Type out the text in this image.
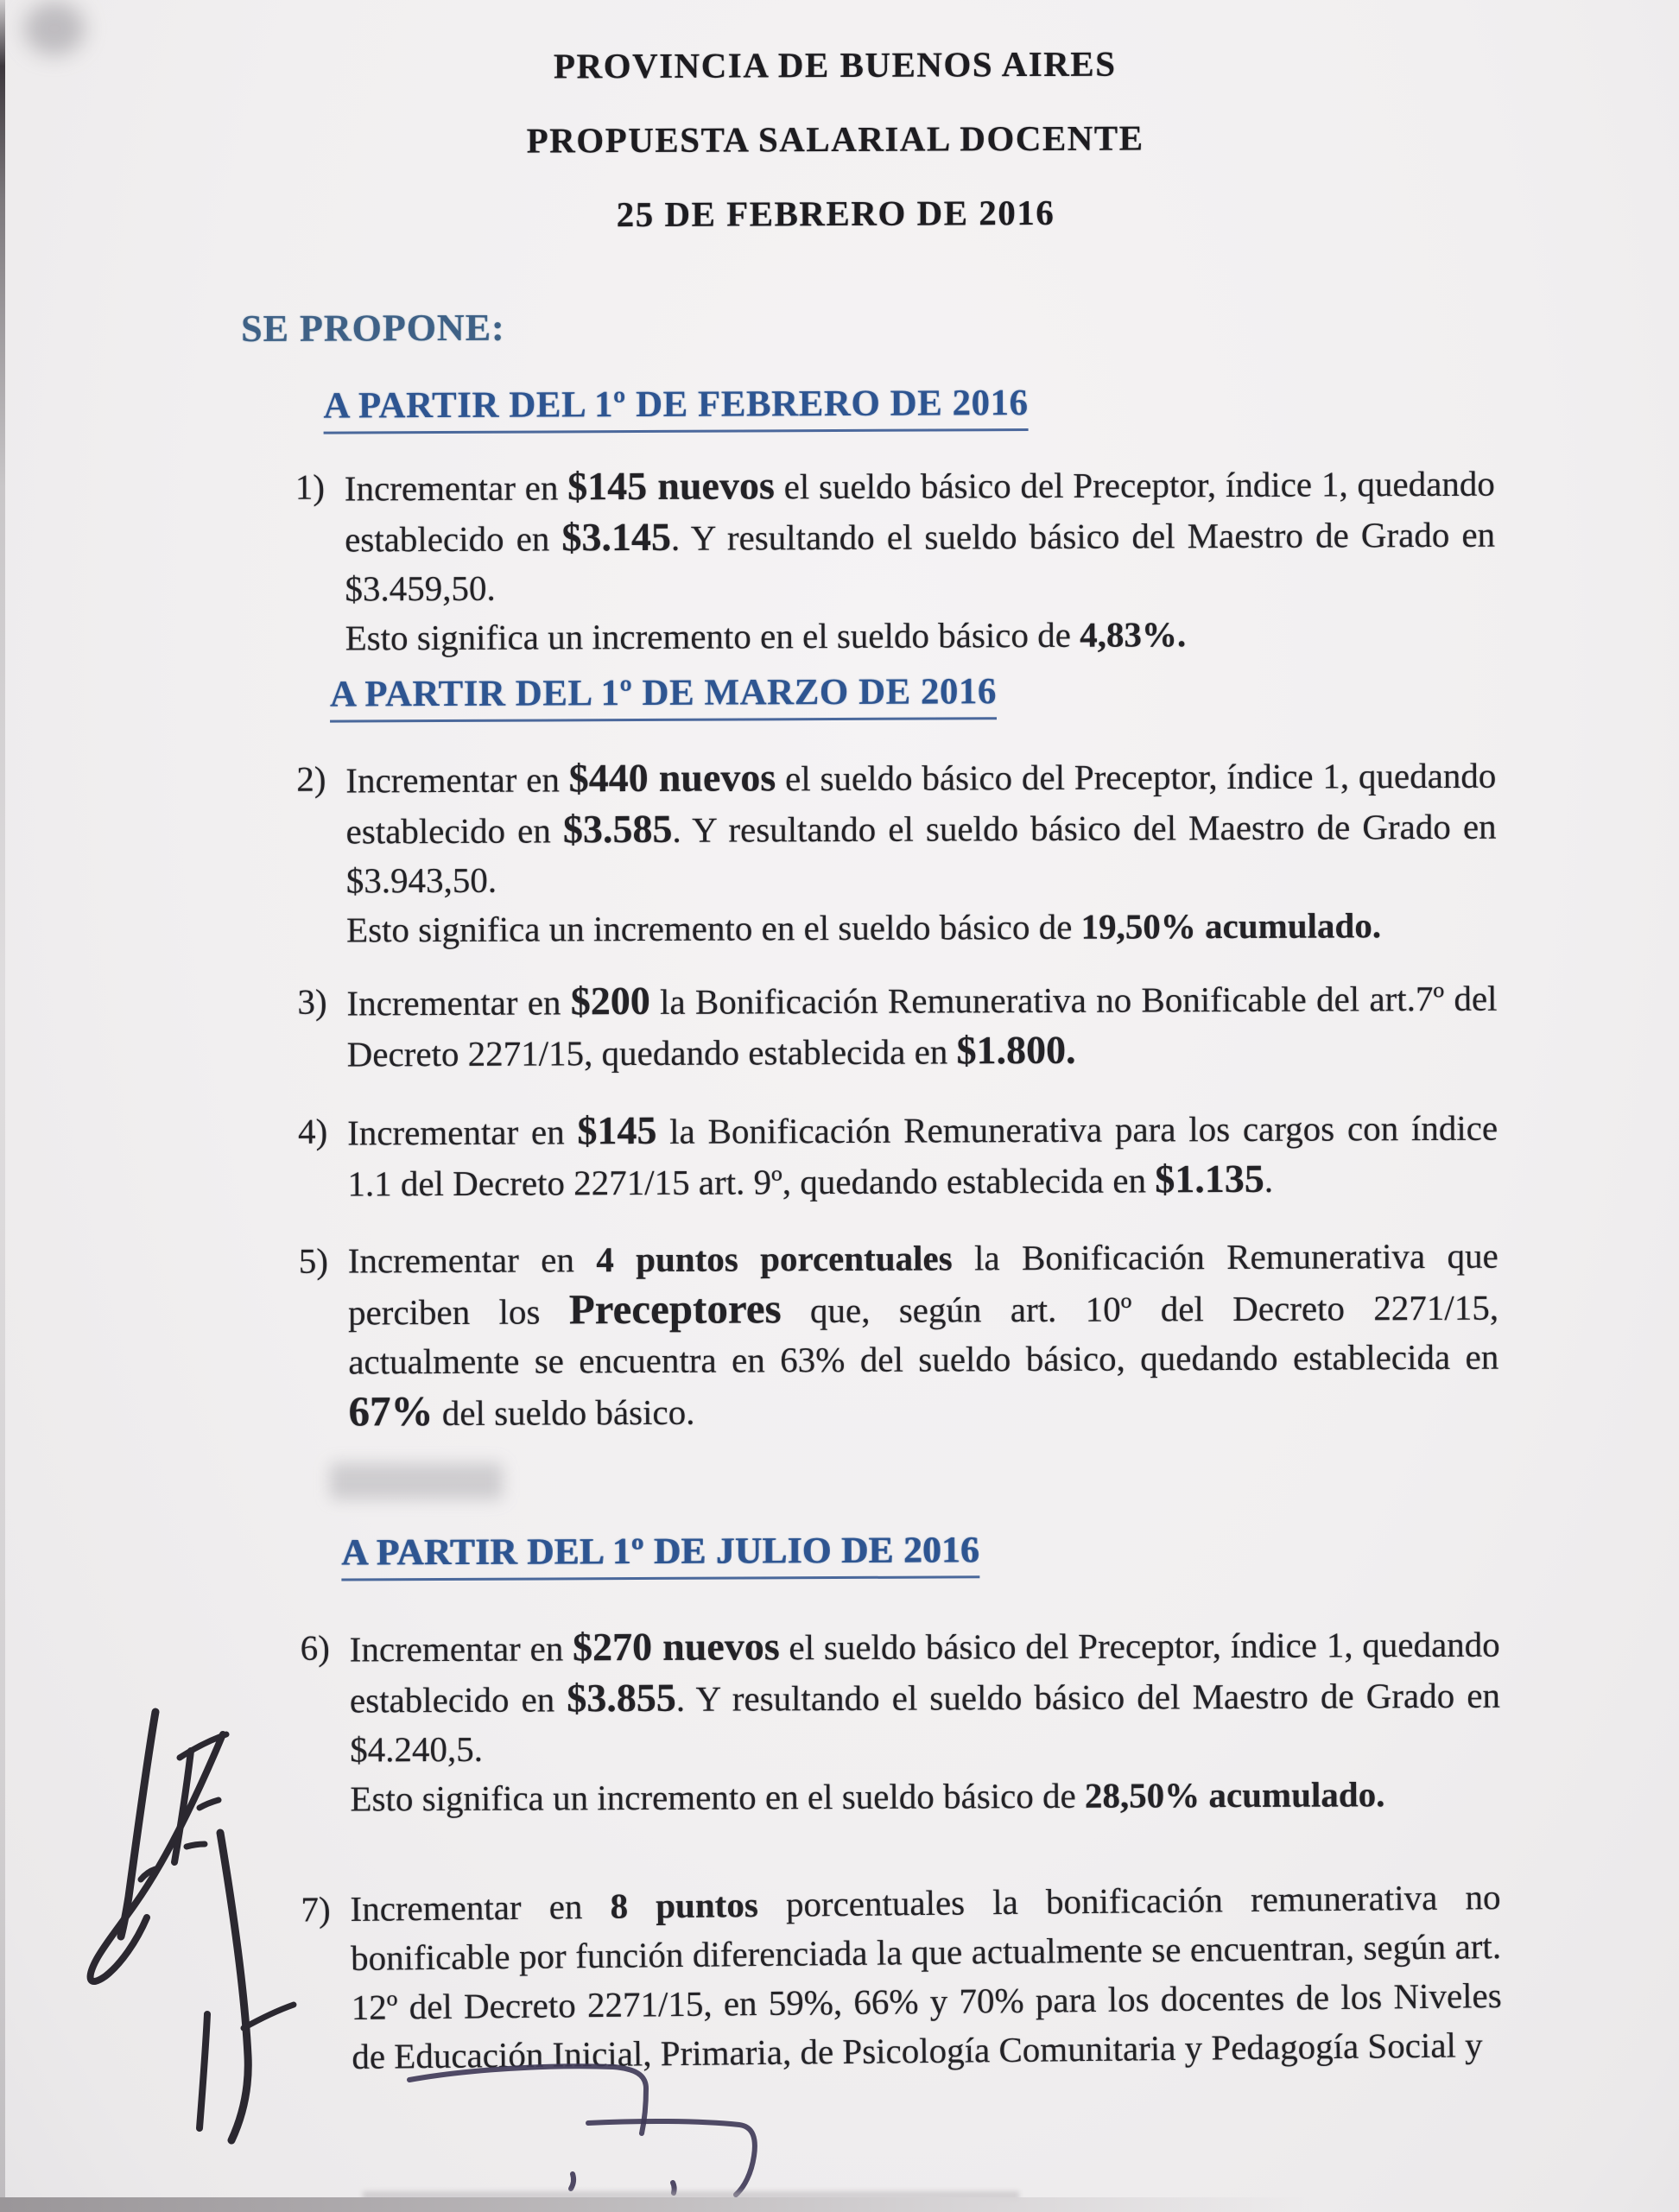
PROVINCIA DE BUENOS AIRES
PROPUESTA SALARIAL DOCENTE
25 DE FEBRERO DE 2016
SE PROPONE:
A PARTIR DEL 1º DE FEBRERO DE 2016
1) Incrementar en $145 nuevos el sueldo básico del Preceptor, índice 1, quedando establecido en $3.145. Y resultando el sueldo básico del Maestro de Grado en $3.459,50.

Esto significa un incremento en el sueldo básico de 4,83%.

A PARTIR DEL 1º DE MARZO DE 2016
2) Incrementar en $440 nuevos el sueldo básico del Preceptor, índice 1, quedando establecido en $3.585. Y resultando el sueldo básico del Maestro de Grado en $3.943,50.

Esto significa un incremento en el sueldo básico de 19,50% acumulado.

3) Incrementar en $200 la Bonificación Remunerativa no Bonificable del art.7º del Decreto 2271/15, quedando establecida en $1.800.

4) Incrementar en $145 la Bonificación Remunerativa para los cargos con índice 1.1 del Decreto 2271/15 art. 9º, quedando establecida en $1.135.

5) Incrementar en 4 puntos porcentuales la Bonificación Remunerativa que perciben los Preceptores que, según art. 10º del Decreto 2271/15, actualmente se encuentra en 63% del sueldo básico, quedando establecida en 67% del sueldo básico.

A PARTIR DEL 1º DE JULIO DE 2016
6) Incrementar en $270 nuevos el sueldo básico del Preceptor, índice 1, quedando establecido en $3.855. Y resultando el sueldo básico del Maestro de Grado en $4.240,5.

Esto significa un incremento en el sueldo básico de 28,50% acumulado.

7) Incrementar en 8 puntos porcentuales la bonificación remunerativa no bonificable por función diferenciada la que actualmente se encuentran, según art. 12º del Decreto 2271/15, en 59%, 66% y 70% para los docentes de los Niveles de Educación Inicial, Primaria, de Psicología Comunitaria y Pedagogía Social y
